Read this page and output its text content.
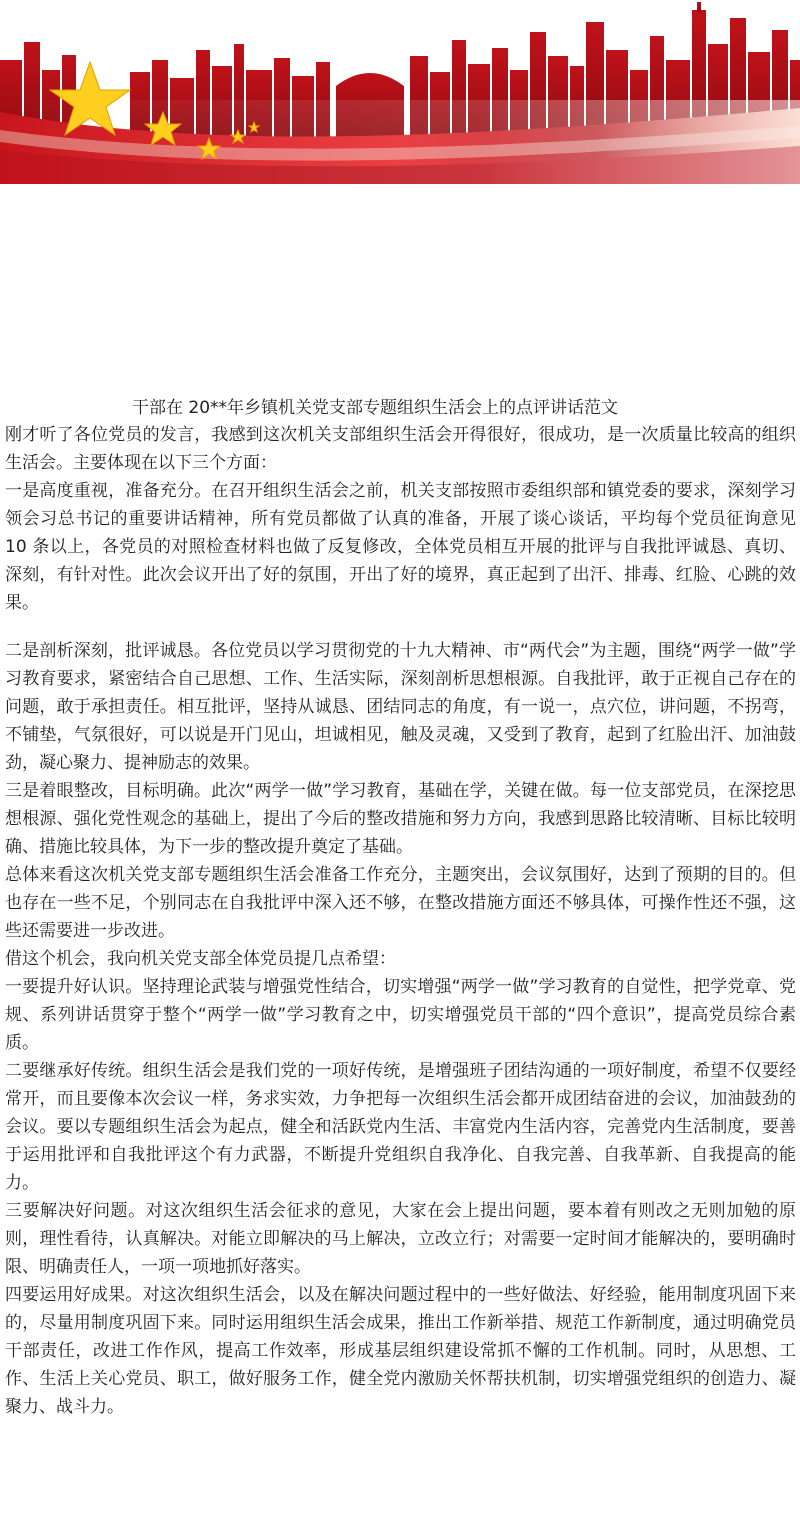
干部在 20**年乡镇机关党支部专题组织生活会上的点评讲话范文

刚才听了各位党员的发言，我感到这次机关支部组织生活会开得很好，很成功，是一次质量比较高的组织生活会。主要体现在以下三个方面：

一是高度重视，准备充分。在召开组织生活会之前，机关支部按照市委组织部和镇党委的要求，深刻学习领会习总书记的重要讲话精神，所有党员都做了认真的准备，开展了谈心谈话，平均每个党员征询意见 10 条以上，各党员的对照检查材料也做了反复修改，全体党员相互开展的批评与自我批评诚恳、真切、深刻，有针对性。此次会议开出了好的氛围，开出了好的境界，真正起到了出汗、排毒、红脸、心跳的效果。

二是剖析深刻，批评诚恳。各位党员以学习贯彻党的十九大精神、市“两代会”为主题，围绕“两学一做”学习教育要求，紧密结合自己思想、工作、生活实际，深刻剖析思想根源。自我批评，敢于正视自己存在的问题，敢于承担责任。相互批评，坚持从诚恳、团结同志的角度，有一说一，点穴位，讲问题，不拐弯，不铺垫，气氛很好，可以说是开门见山，坦诚相见，触及灵魂，又受到了教育，起到了红脸出汗、加油鼓劲，凝心聚力、提神励志的效果。

三是着眼整改，目标明确。此次“两学一做”学习教育，基础在学，关键在做。每一位支部党员，在深挖思想根源、强化党性观念的基础上，提出了今后的整改措施和努力方向，我感到思路比较清晰、目标比较明确、措施比较具体，为下一步的整改提升奠定了基础。

总体来看这次机关党支部专题组织生活会准备工作充分，主题突出，会议氛围好，达到了预期的目的。但也存在一些不足，个别同志在自我批评中深入还不够，在整改措施方面还不够具体，可操作性还不强，这些还需要进一步改进。

借这个机会，我向机关党支部全体党员提几点希望：

一要提升好认识。坚持理论武装与增强党性结合，切实增强“两学一做”学习教育的自觉性，把学党章、党规、系列讲话贯穿于整个“两学一做”学习教育之中，切实增强党员干部的“四个意识”，提高党员综合素质。

二要继承好传统。组织生活会是我们党的一项好传统，是增强班子团结沟通的一项好制度，希望不仅要经常开，而且要像本次会议一样，务求实效，力争把每一次组织生活会都开成团结奋进的会议，加油鼓劲的会议。要以专题组织生活会为起点，健全和活跃党内生活、丰富党内生活内容，完善党内生活制度，要善于运用批评和自我批评这个有力武器，不断提升党组织自我净化、自我完善、自我革新、自我提高的能力。

三要解决好问题。对这次组织生活会征求的意见，大家在会上提出问题，要本着有则改之无则加勉的原则，理性看待，认真解决。对能立即解决的马上解决，立改立行；对需要一定时间才能解决的，要明确时限、明确责任人，一项一项地抓好落实。

四要运用好成果。对这次组织生活会，以及在解决问题过程中的一些好做法、好经验，能用制度巩固下来的，尽量用制度巩固下来。同时运用组织生活会成果，推出工作新举措、规范工作新制度，通过明确党员干部责任，改进工作作风，提高工作效率，形成基层组织建设常抓不懈的工作机制。同时，从思想、工作、生活上关心党员、职工，做好服务工作，健全党内激励关怀帮扶机制，切实增强党组织的创造力、凝聚力、战斗力。
